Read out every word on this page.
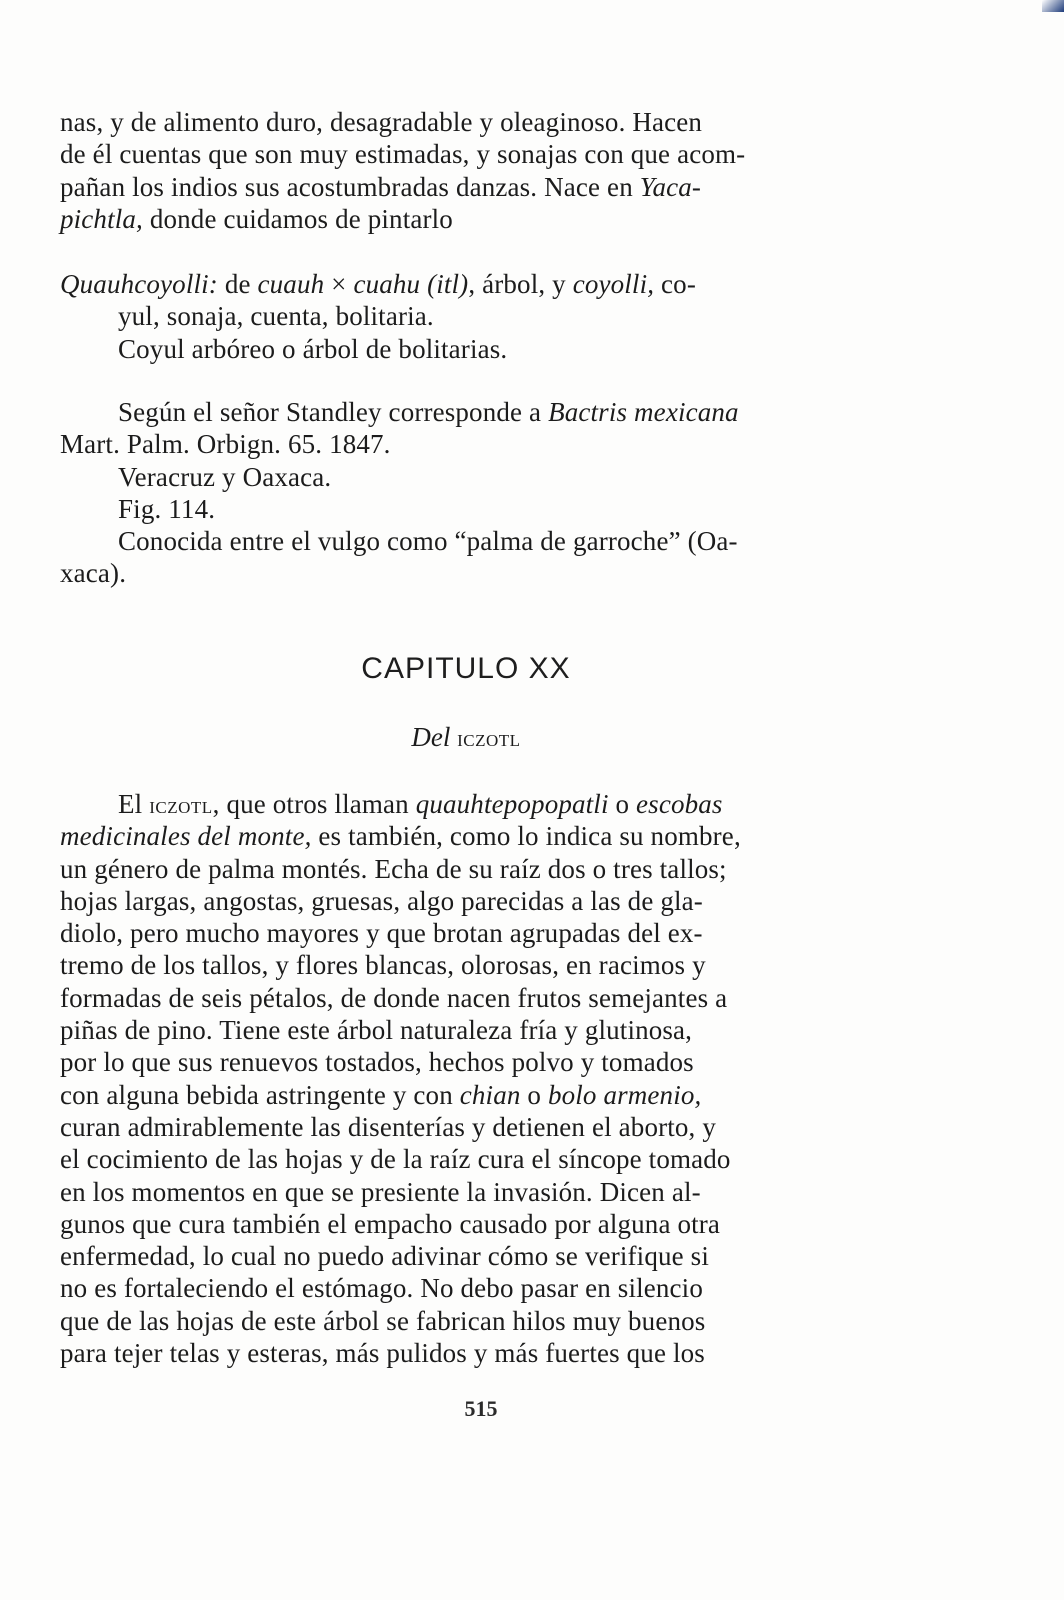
nas, y de alimento duro, desagradable y oleaginoso. Hacen
de él cuentas que son muy estimadas, y sonajas con que acom-
pañan los indios sus acostumbradas danzas. Nace en Yaca-
pichtla, donde cuidamos de pintarlo
Quauhcoyolli: de cuauh × cuahu (itl), árbol, y coyolli, co-
yul, sonaja, cuenta, bolitaria.
Coyul arbóreo o árbol de bolitarias.
Según el señor Standley corresponde a Bactris mexicana
Mart. Palm. Orbign. 65. 1847.
Veracruz y Oaxaca.
Fig. 114.
Conocida entre el vulgo como “palma de garroche” (Oa-
xaca).
CAPITULO XX
Del iczotl
El iczotl, que otros llaman quauhtepopopatli o escobas
medicinales del monte, es también, como lo indica su nombre,
un género de palma montés. Echa de su raíz dos o tres tallos;
hojas largas, angostas, gruesas, algo parecidas a las de gla-
diolo, pero mucho mayores y que brotan agrupadas del ex-
tremo de los tallos, y flores blancas, olorosas, en racimos y
formadas de seis pétalos, de donde nacen frutos semejantes a
piñas de pino. Tiene este árbol naturaleza fría y glutinosa,
por lo que sus renuevos tostados, hechos polvo y tomados
con alguna bebida astringente y con chian o bolo armenio,
curan admirablemente las disenterías y detienen el aborto, y
el cocimiento de las hojas y de la raíz cura el síncope tomado
en los momentos en que se presiente la invasión. Dicen al-
gunos que cura también el empacho causado por alguna otra
enfermedad, lo cual no puedo adivinar cómo se verifique si
no es fortaleciendo el estómago. No debo pasar en silencio
que de las hojas de este árbol se fabrican hilos muy buenos
para tejer telas y esteras, más pulidos y más fuertes que los
515
